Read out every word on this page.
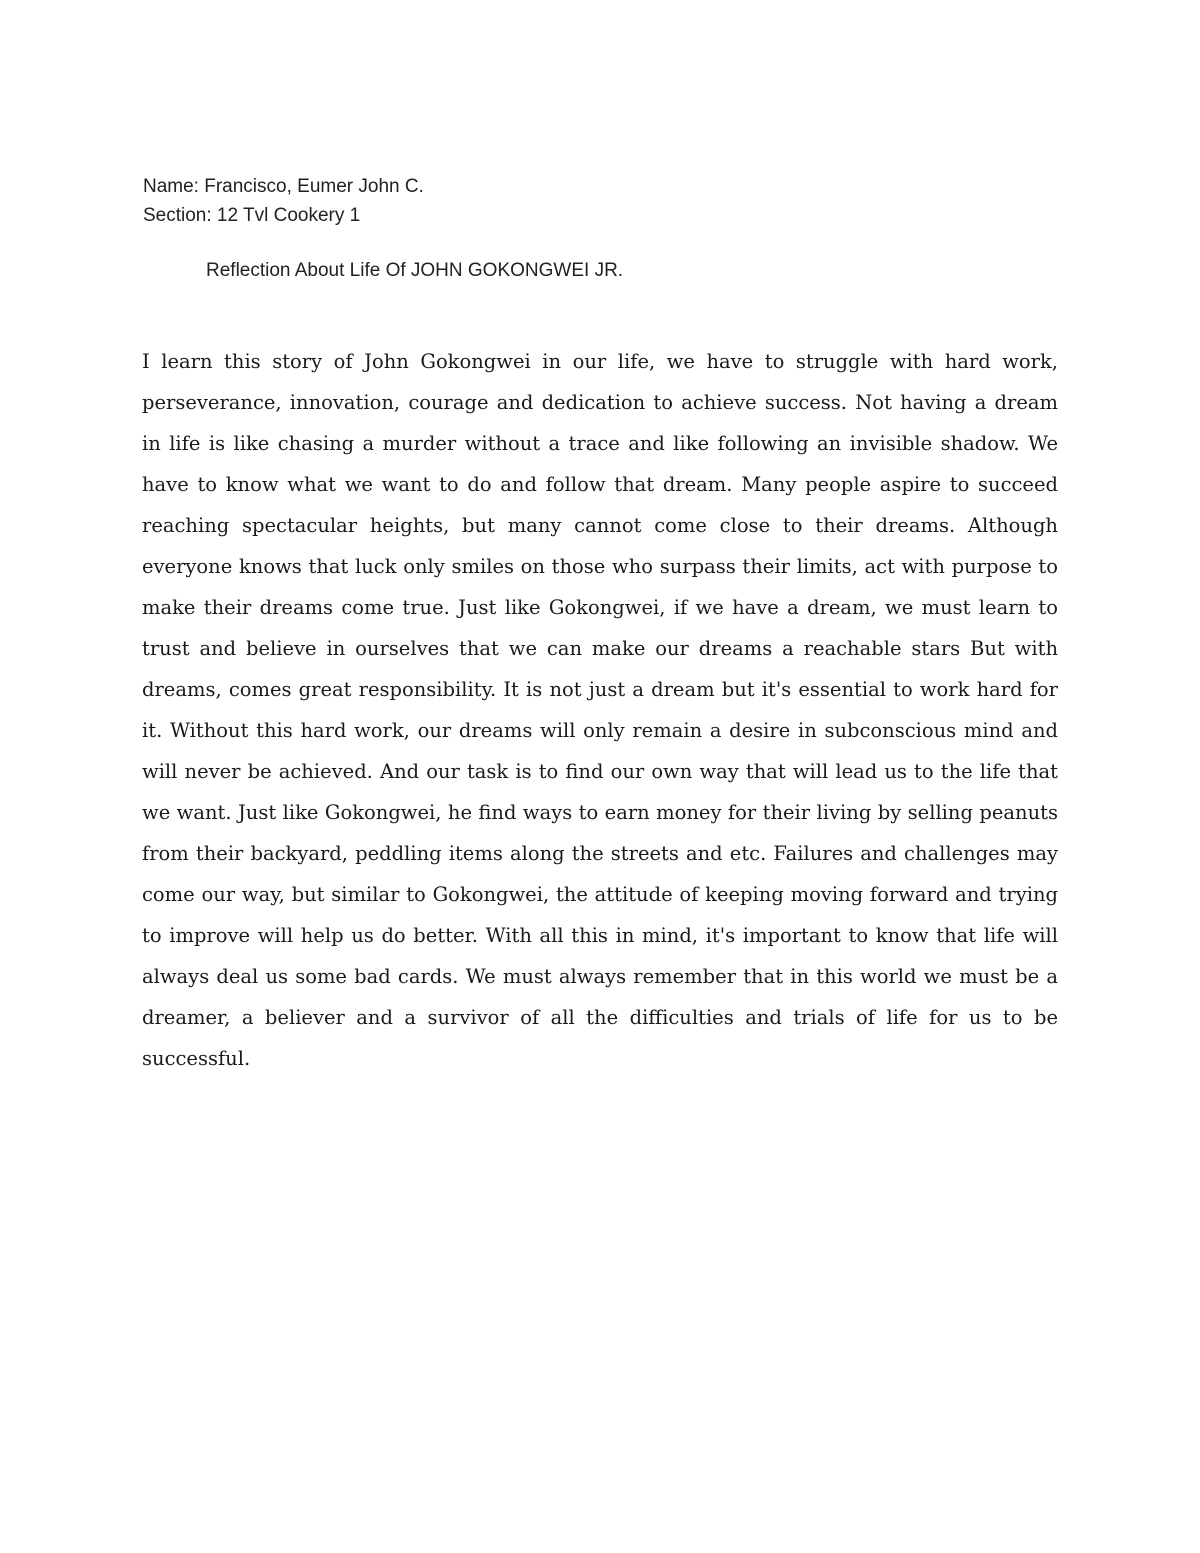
Name: Francisco, Eumer John C.
Section: 12 Tvl Cookery 1
Reflection About Life Of JOHN GOKONGWEI JR.

I learn this story of John Gokongwei in our life, we have to struggle with hard work, perseverance, innovation, courage and dedication to achieve success. Not having a dream in life is like chasing a murder without a trace and like following an invisible shadow. We have to know what we want to do and follow that dream. Many people aspire to succeed reaching spectacular heights, but many cannot come close to their dreams. Although everyone knows that luck only smiles on those who surpass their limits, act with purpose to make their dreams come true. Just like Gokongwei, if we have a dream, we must learn to trust and believe in ourselves that we can make our dreams a reachable stars But with dreams, comes great responsibility. It is not just a dream but it's essential to work hard for it. Without this hard work, our dreams will only remain a desire in subconscious mind and will never be achieved. And our task is to find our own way that will lead us to the life that we want. Just like Gokongwei, he find ways to earn money for their living by selling peanuts from their backyard, peddling items along the streets and etc. Failures and challenges may come our way, but similar to Gokongwei, the attitude of keeping moving forward and trying to improve will help us do better. With all this in mind, it's important to know that life will always deal us some bad cards. We must always remember that in this world we must be a dreamer, a believer and a survivor of all the difficulties and trials of life for us to be successful.
